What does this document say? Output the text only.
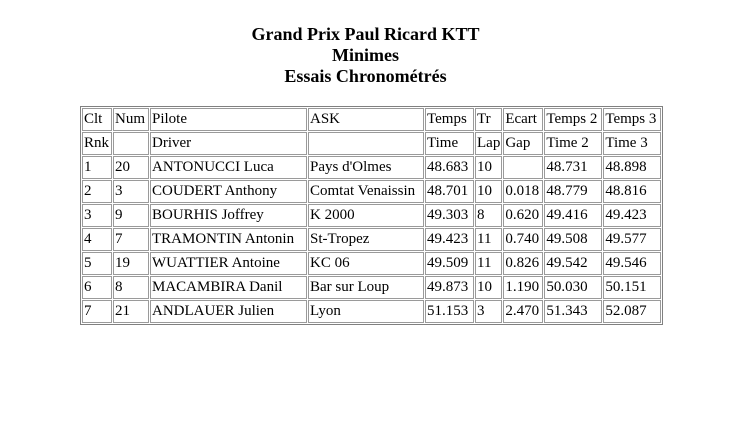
Grand Prix Paul Ricard KTT
Minimes
Essais Chronométrés
Clt	Num	Pilote	ASK	Temps	Tr	Ecart	Temps 2	Temps 3
Rnk		Driver		Time	Lap	Gap	Time 2	Time 3
1	20	ANTONUCCI Luca	Pays d'Olmes	48.683	10		48.731	48.898
2	3	COUDERT Anthony	Comtat Venaissin	48.701	10	0.018	48.779	48.816
3	9	BOURHIS Joffrey	K 2000	49.303	8	0.620	49.416	49.423
4	7	TRAMONTIN Antonin	St-Tropez	49.423	11	0.740	49.508	49.577
5	19	WUATTIER Antoine	KC 06	49.509	11	0.826	49.542	49.546
6	8	MACAMBIRA Danil	Bar sur Loup	49.873	10	1.190	50.030	50.151
7	21	ANDLAUER Julien	Lyon	51.153	3	2.470	51.343	52.087
